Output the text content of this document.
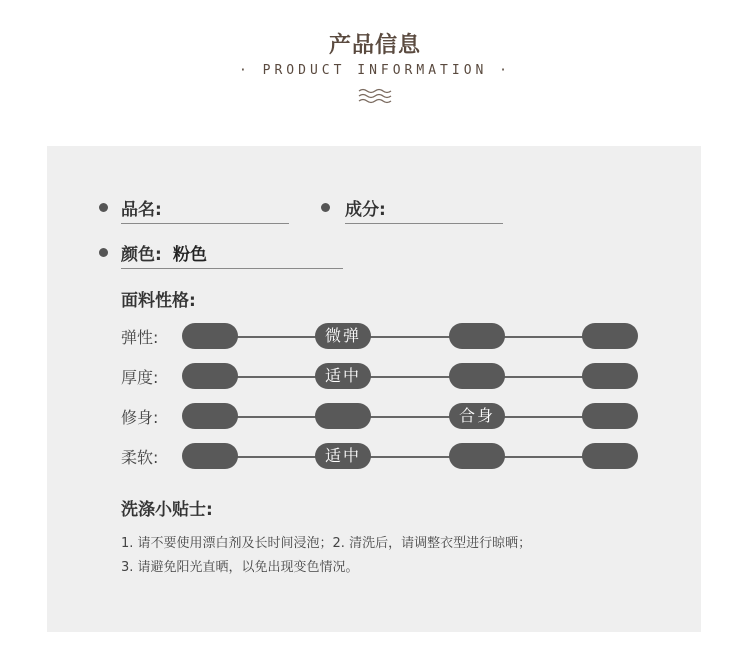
产品信息
· PRODUCT INFORMATION ·
品名:	成分:
颜色: 粉色
面料性格:
弹性:	微弹
厚度:	适中
修身:	合身
柔软:	适中
洗涤小贴士:
1. 请不要使用漂白剂及长时间浸泡；2. 清洗后，请调整衣型进行晾晒；
3. 请避免阳光直晒，以免出现变色情况。
